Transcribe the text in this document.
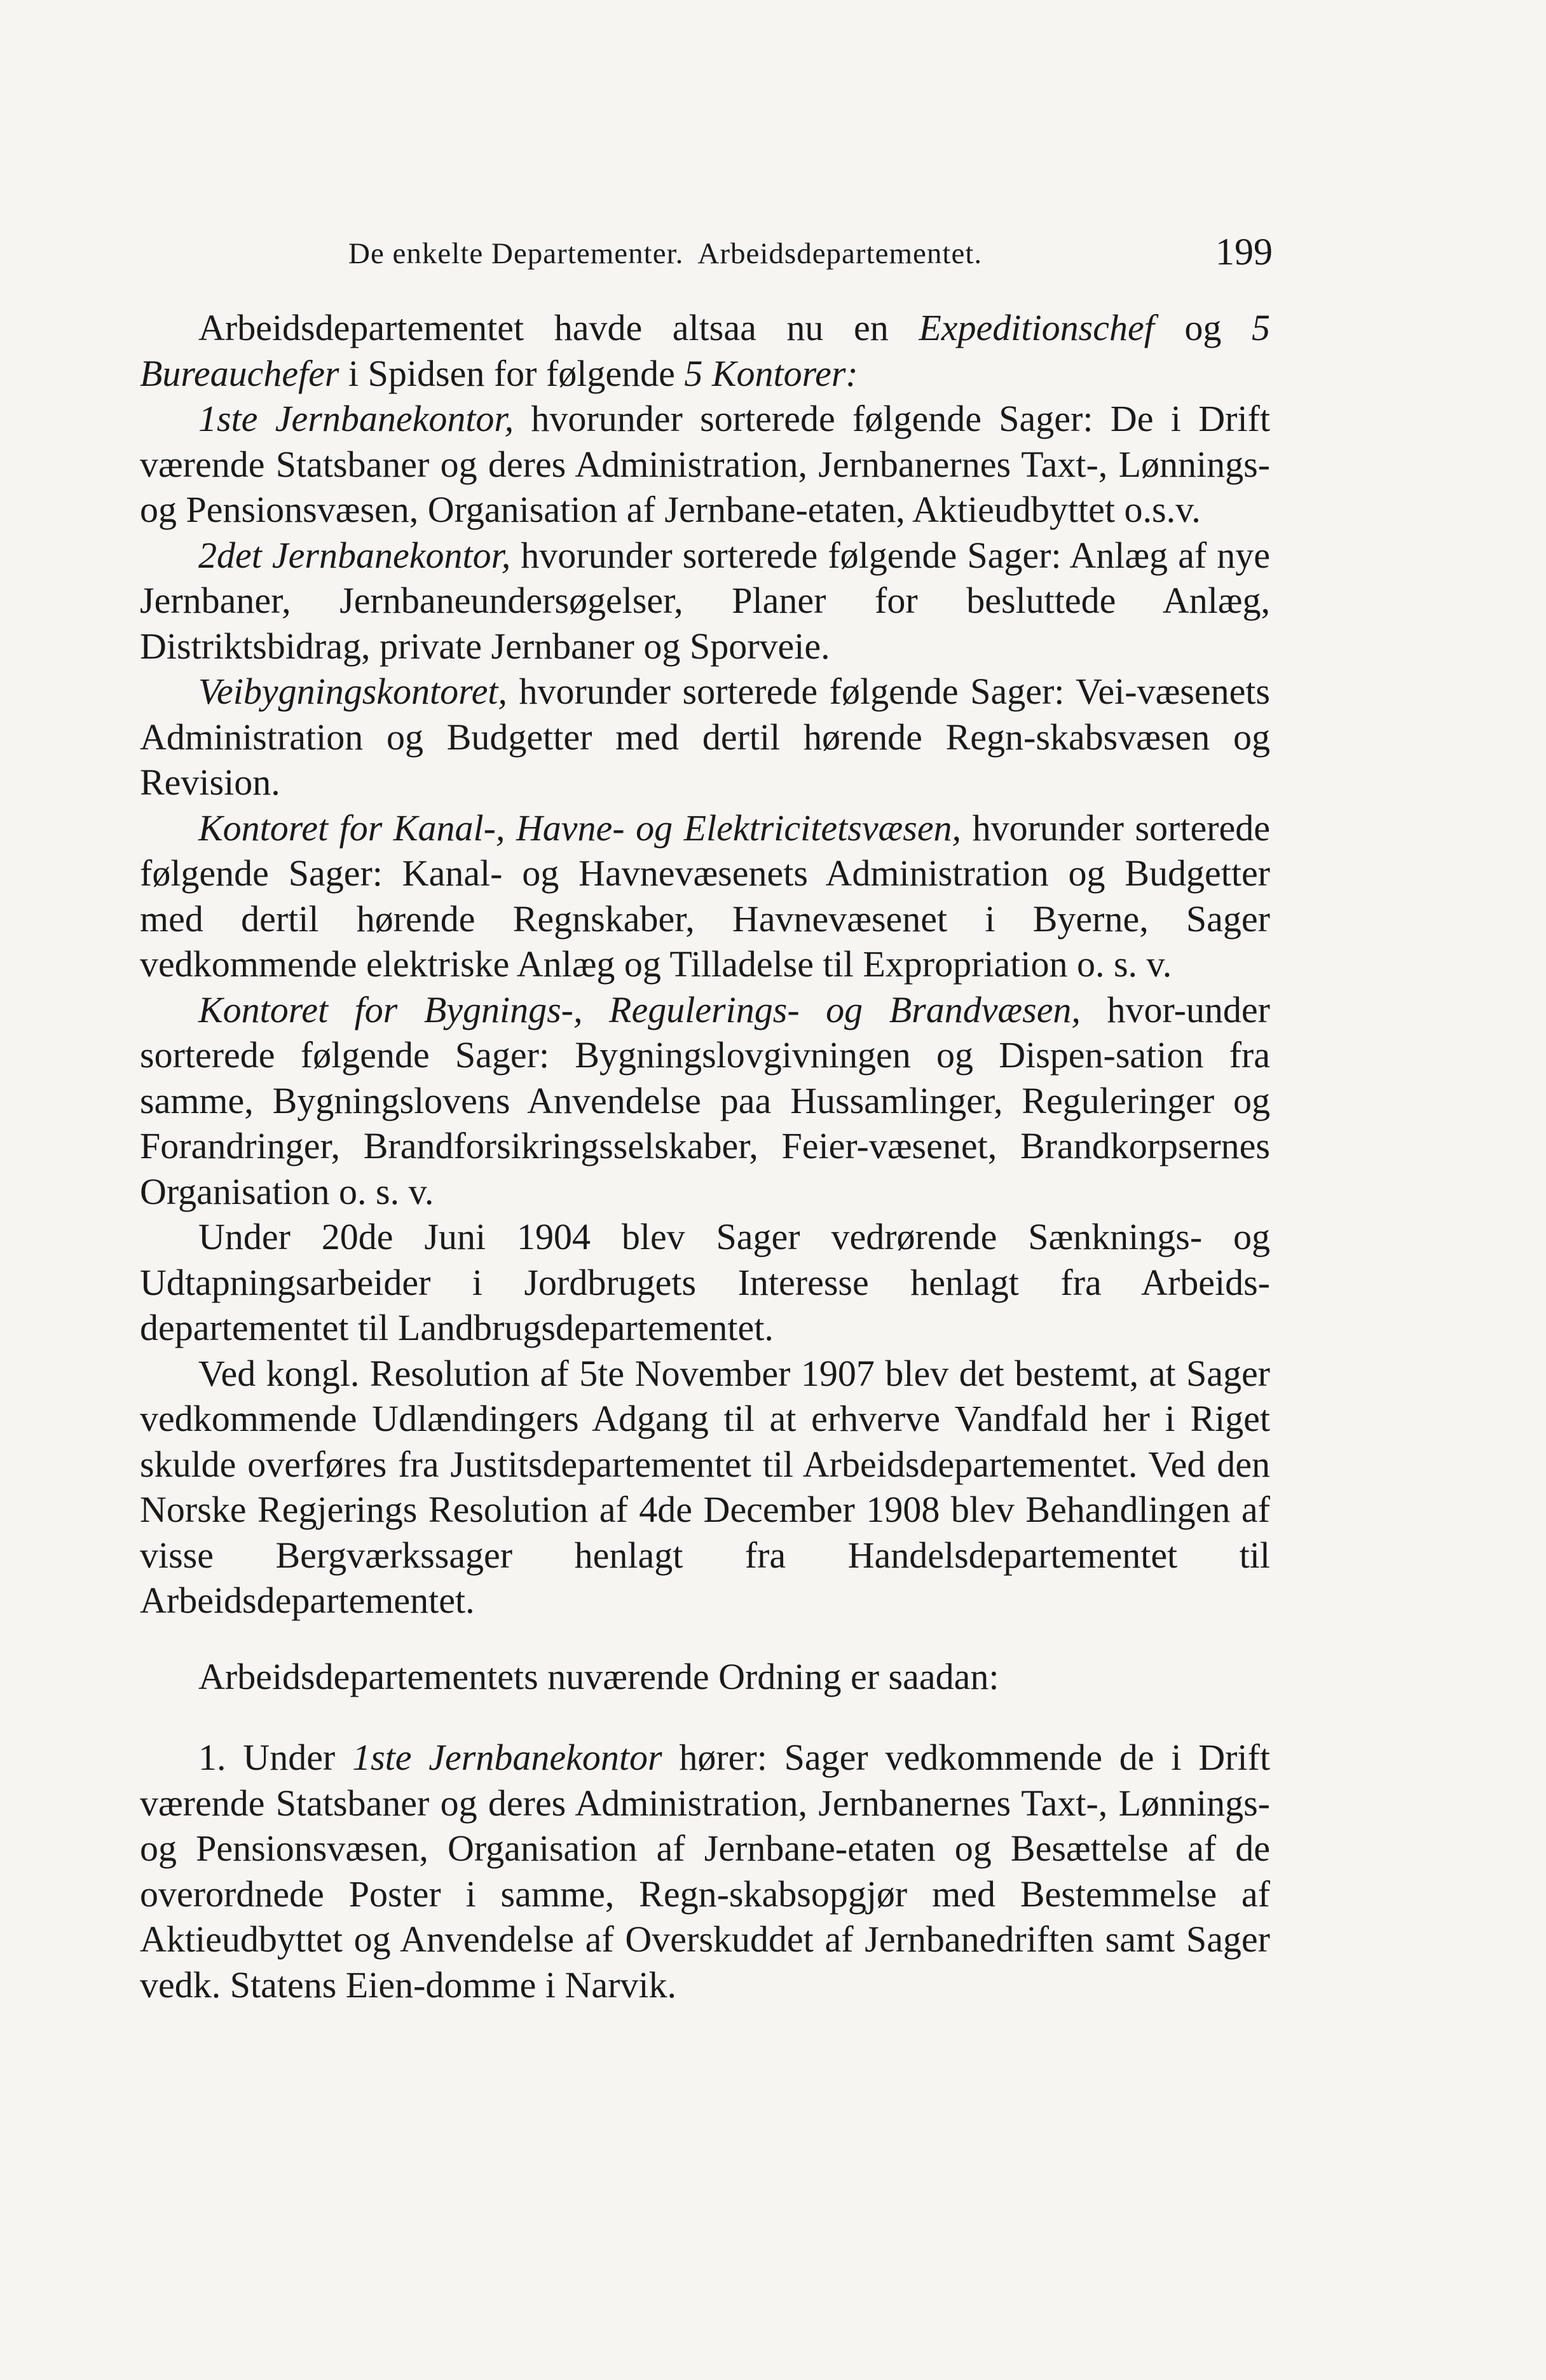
De enkelte Departementer. Arbeidsdepartementet.	199

Arbeidsdepartementet havde altsaa nu en Expeditionschef og 5 Bureauchefer i Spidsen for følgende 5 Kontorer:

1ste Jernbanekontor, hvorunder sorterede følgende Sager: De i Drift værende Statsbaner og deres Administration, Jernbanernes Taxt-, Lønnings- og Pensionsvæsen, Organisation af Jernbane-etaten, Aktieudbyttet o.s.v.

2det Jernbanekontor, hvorunder sorterede følgende Sager: Anlæg af nye Jernbaner, Jernbaneundersøgelser, Planer for besluttede Anlæg, Distriktsbidrag, private Jernbaner og Sporveie.

Veibygningskontoret, hvorunder sorterede følgende Sager: Vei-væsenets Administration og Budgetter med dertil hørende Regn-skabsvæsen og Revision.

Kontoret for Kanal-, Havne- og Elektricitetsvæsen, hvorunder sorterede følgende Sager: Kanal- og Havnevæsenets Administration og Budgetter med dertil hørende Regnskaber, Havnevæsenet i Byerne, Sager vedkommende elektriske Anlæg og Tilladelse til Expropriation o. s. v.

Kontoret for Bygnings-, Regulerings- og Brandvæsen, hvor-under sorterede følgende Sager: Bygningslovgivningen og Dispen-sation fra samme, Bygningslovens Anvendelse paa Hussamlinger, Reguleringer og Forandringer, Brandforsikringsselskaber, Feier-væsenet, Brandkorpsernes Organisation o. s. v.

Under 20de Juni 1904 blev Sager vedrørende Sænknings- og Udtapningsarbeider i Jordbrugets Interesse henlagt fra Arbeids-departementet til Landbrugsdepartementet.

Ved kongl. Resolution af 5te November 1907 blev det bestemt, at Sager vedkommende Udlændingers Adgang til at erhverve Vandfald her i Riget skulde overføres fra Justitsdepartementet til Arbeidsdepartementet. Ved den Norske Regjerings Resolution af 4de December 1908 blev Behandlingen af visse Bergværkssager henlagt fra Handelsdepartementet til Arbeidsdepartementet.

Arbeidsdepartementets nuværende Ordning er saadan:

1. Under 1ste Jernbanekontor hører: Sager vedkommende de i Drift værende Statsbaner og deres Administration, Jernbanernes Taxt-, Lønnings- og Pensionsvæsen, Organisation af Jernbane-etaten og Besættelse af de overordnede Poster i samme, Regn-skabsopgjør med Bestemmelse af Aktieudbyttet og Anvendelse af Overskuddet af Jernbanedriften samt Sager vedk. Statens Eien-domme i Narvik.
